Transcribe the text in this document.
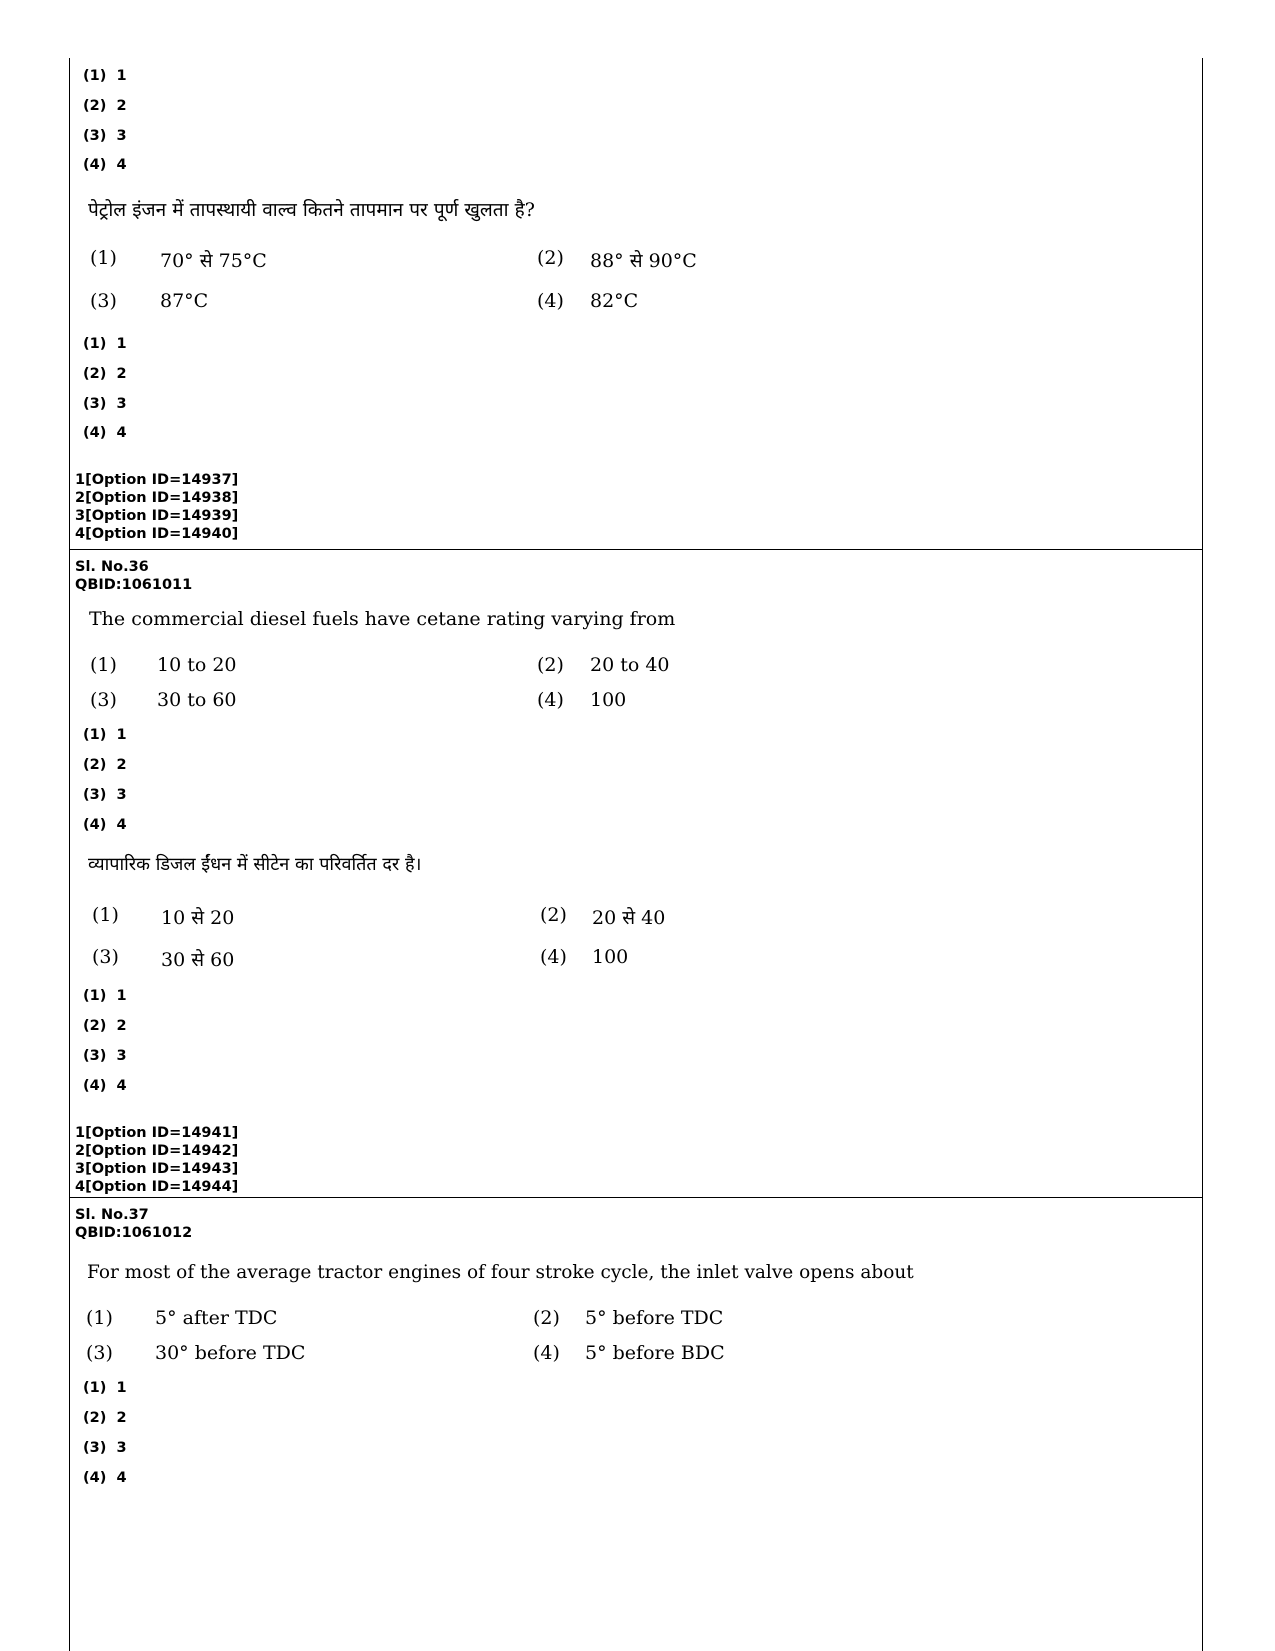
(1) 1
(2) 2
(3) 3
(4) 4
पेट्रोल इंजन में तापस्थायी वाल्व कितने तापमान पर पूर्ण खुलता है?
(1) 70° से 75°C	(2) 88° से 90°C
(3) 87°C	(4) 82°C
(1) 1
(2) 2
(3) 3
(4) 4
1[Option ID=14937]
2[Option ID=14938]
3[Option ID=14939]
4[Option ID=14940]
Sl. No.36
QBID:1061011
The commercial diesel fuels have cetane rating varying from
(1) 10 to 20	(2) 20 to 40
(3) 30 to 60	(4) 100
(1) 1
(2) 2
(3) 3
(4) 4
व्यापारिक डिजल ईंधन में सीटेन का परिवर्तित दर है।
(1) 10 से 20	(2) 20 से 40
(3) 30 से 60	(4) 100
(1) 1
(2) 2
(3) 3
(4) 4
1[Option ID=14941]
2[Option ID=14942]
3[Option ID=14943]
4[Option ID=14944]
Sl. No.37
QBID:1061012
For most of the average tractor engines of four stroke cycle, the inlet valve opens about
(1) 5° after TDC	(2) 5° before TDC
(3) 30° before TDC	(4) 5° before BDC
(1) 1
(2) 2
(3) 3
(4) 4
